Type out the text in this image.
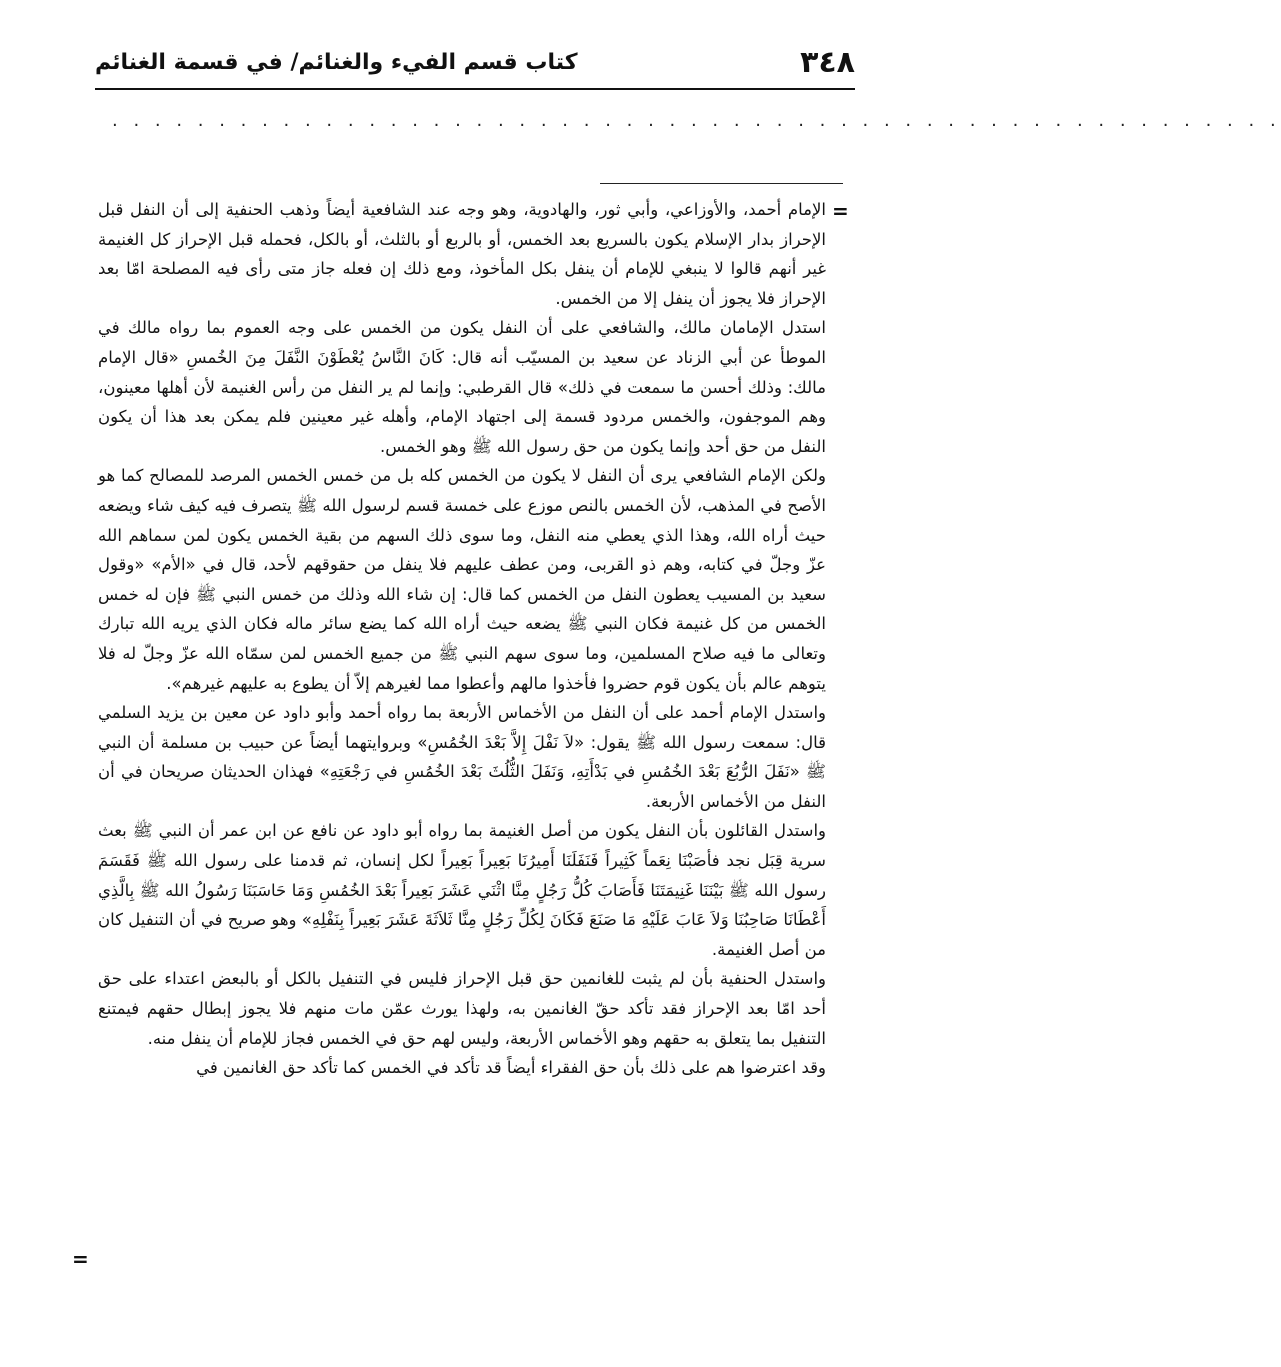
٣٤٨
كتاب قسم الفيء والغنائم/ في قسمة الغنائم
. . . . . . . . . . . . . . . . . . . . . . . . . . . . . . . . . . . . . . . . . . . . . . . . . . . . . . .
=
=

الإمام أحمد، والأوزاعي، وأبي ثور، والهادوية، وهو وجه عند الشافعية أيضاً وذهب الحنفية إلى أن النفل قبل الإحراز بدار الإسلام يكون بالسريع بعد الخمس، أو بالربع أو بالثلث، أو بالكل، فحمله قبل الإحراز كل الغنيمة غير أنهم قالوا لا ينبغي للإمام أن ينفل بكل المأخوذ، ومع ذلك إن فعله جاز متى رأى فيه المصلحة امّا بعد الإحراز فلا يجوز أن ينفل إلا من الخمس.

استدل الإمامان مالك، والشافعي على أن النفل يكون من الخمس على وجه العموم بما رواه مالك في الموطأ عن أبي الزناد عن سعيد بن المسيّب أنه قال: كَانَ النَّاسُ يُعْطَوْنَ النَّفَلَ مِنَ الخُمسِ «قال الإمام مالك: وذلك أحسن ما سمعت في ذلك» قال القرطبي: وإنما لم ير النفل من رأس الغنيمة لأن أهلها معينون، وهم الموجفون، والخمس مردود قسمة إلى اجتهاد الإمام، وأهله غير معينين فلم يمكن بعد هذا أن يكون النفل من حق أحد وإنما يكون من حق رسول الله ﷺ وهو الخمس.

ولكن الإمام الشافعي يرى أن النفل لا يكون من الخمس كله بل من خمس الخمس المرصد للمصالح كما هو الأصح في المذهب، لأن الخمس بالنص موزع على خمسة قسم لرسول الله ﷺ يتصرف فيه كيف شاء ويضعه حيث أراه الله، وهذا الذي يعطي منه النفل، وما سوى ذلك السهم من بقية الخمس يكون لمن سماهم الله عزّ وجلّ في كتابه، وهم ذو القربى، ومن عطف عليهم فلا ينفل من حقوقهم لأحد، قال في «الأم» «وقول سعيد بن المسيب يعطون النفل من الخمس كما قال: إن شاء الله وذلك من خمس النبي ﷺ فإن له خمس الخمس من كل غنيمة فكان النبي ﷺ يضعه حيث أراه الله كما يضع سائر ماله فكان الذي يريه الله تبارك وتعالى ما فيه صلاح المسلمين، وما سوى سهم النبي ﷺ من جميع الخمس لمن سمّاه الله عزّ وجلّ له فلا يتوهم عالم بأن يكون قوم حضروا فأخذوا مالهم وأعطوا مما لغيرهم إلاّ أن يطوع به عليهم غيرهم».

واستدل الإمام أحمد على أن النفل من الأخماس الأربعة بما رواه أحمد وأبو داود عن معين بن يزيد السلمي قال: سمعت رسول الله ﷺ يقول: «لاَ نَفْلَ إِلاَّ بَعْدَ الخُمُسِ» وبروايتهما أيضاً عن حبيب بن مسلمة أن النبي ﷺ «نَفَلَ الرُّبُعَ بَعْدَ الخُمُسِ في بَدْأَتِهِ، وَنَفَلَ الثُّلُثَ بَعْدَ الخُمُسِ في رَجْعَتِهِ» فهذان الحديثان صريحان في أن النفل من الأخماس الأربعة.

واستدل القائلون بأن النفل يكون من أصل الغنيمة بما رواه أبو داود عن نافع عن ابن عمر أن النبي ﷺ بعث سرية قِبَل نجد فأصَبْنَا نِعَماً كَثِيراً فَنَفَلَنَا أَمِيرُنَا بَعِيراً بَعِيراً لكل إنسان، ثم قدمنا على رسول الله ﷺ فَقَسَمَ رسول الله ﷺ بَيْنَنَا غَنِيمَتَنَا فَأَصَابَ كُلُّ رَجُلٍ مِنَّا اثْنَي عَشَرَ بَعِيراً بَعْدَ الخُمُسِ وَمَا حَاسَبَنَا رَسُولُ الله ﷺ بِالَّذِي أَعْطَانَا صَاحِبُنَا وَلاَ عَابَ عَلَيْهِ مَا صَنَعَ فَكَانَ لِكُلِّ رَجُلٍ مِنَّا ثَلاَثَةَ عَشَرَ بَعِيراً بِنَفْلِهِ» وهو صريح في أن التنفيل كان من أصل الغنيمة.

واستدل الحنفية بأن لم يثبت للغانمين حق قبل الإحراز فليس في التنفيل بالكل أو بالبعض اعتداء على حق أحد امّا بعد الإحراز فقد تأكد حقّ الغانمين به، ولهذا يورث عمّن مات منهم فلا يجوز إبطال حقهم فيمتنع التنفيل بما يتعلق به حقهم وهو الأخماس الأربعة، وليس لهم حق في الخمس فجاز للإمام أن ينفل منه.

وقد اعترضوا هم على ذلك بأن حق الفقراء أيضاً قد تأكد في الخمس كما تأكد حق الغانمين في
